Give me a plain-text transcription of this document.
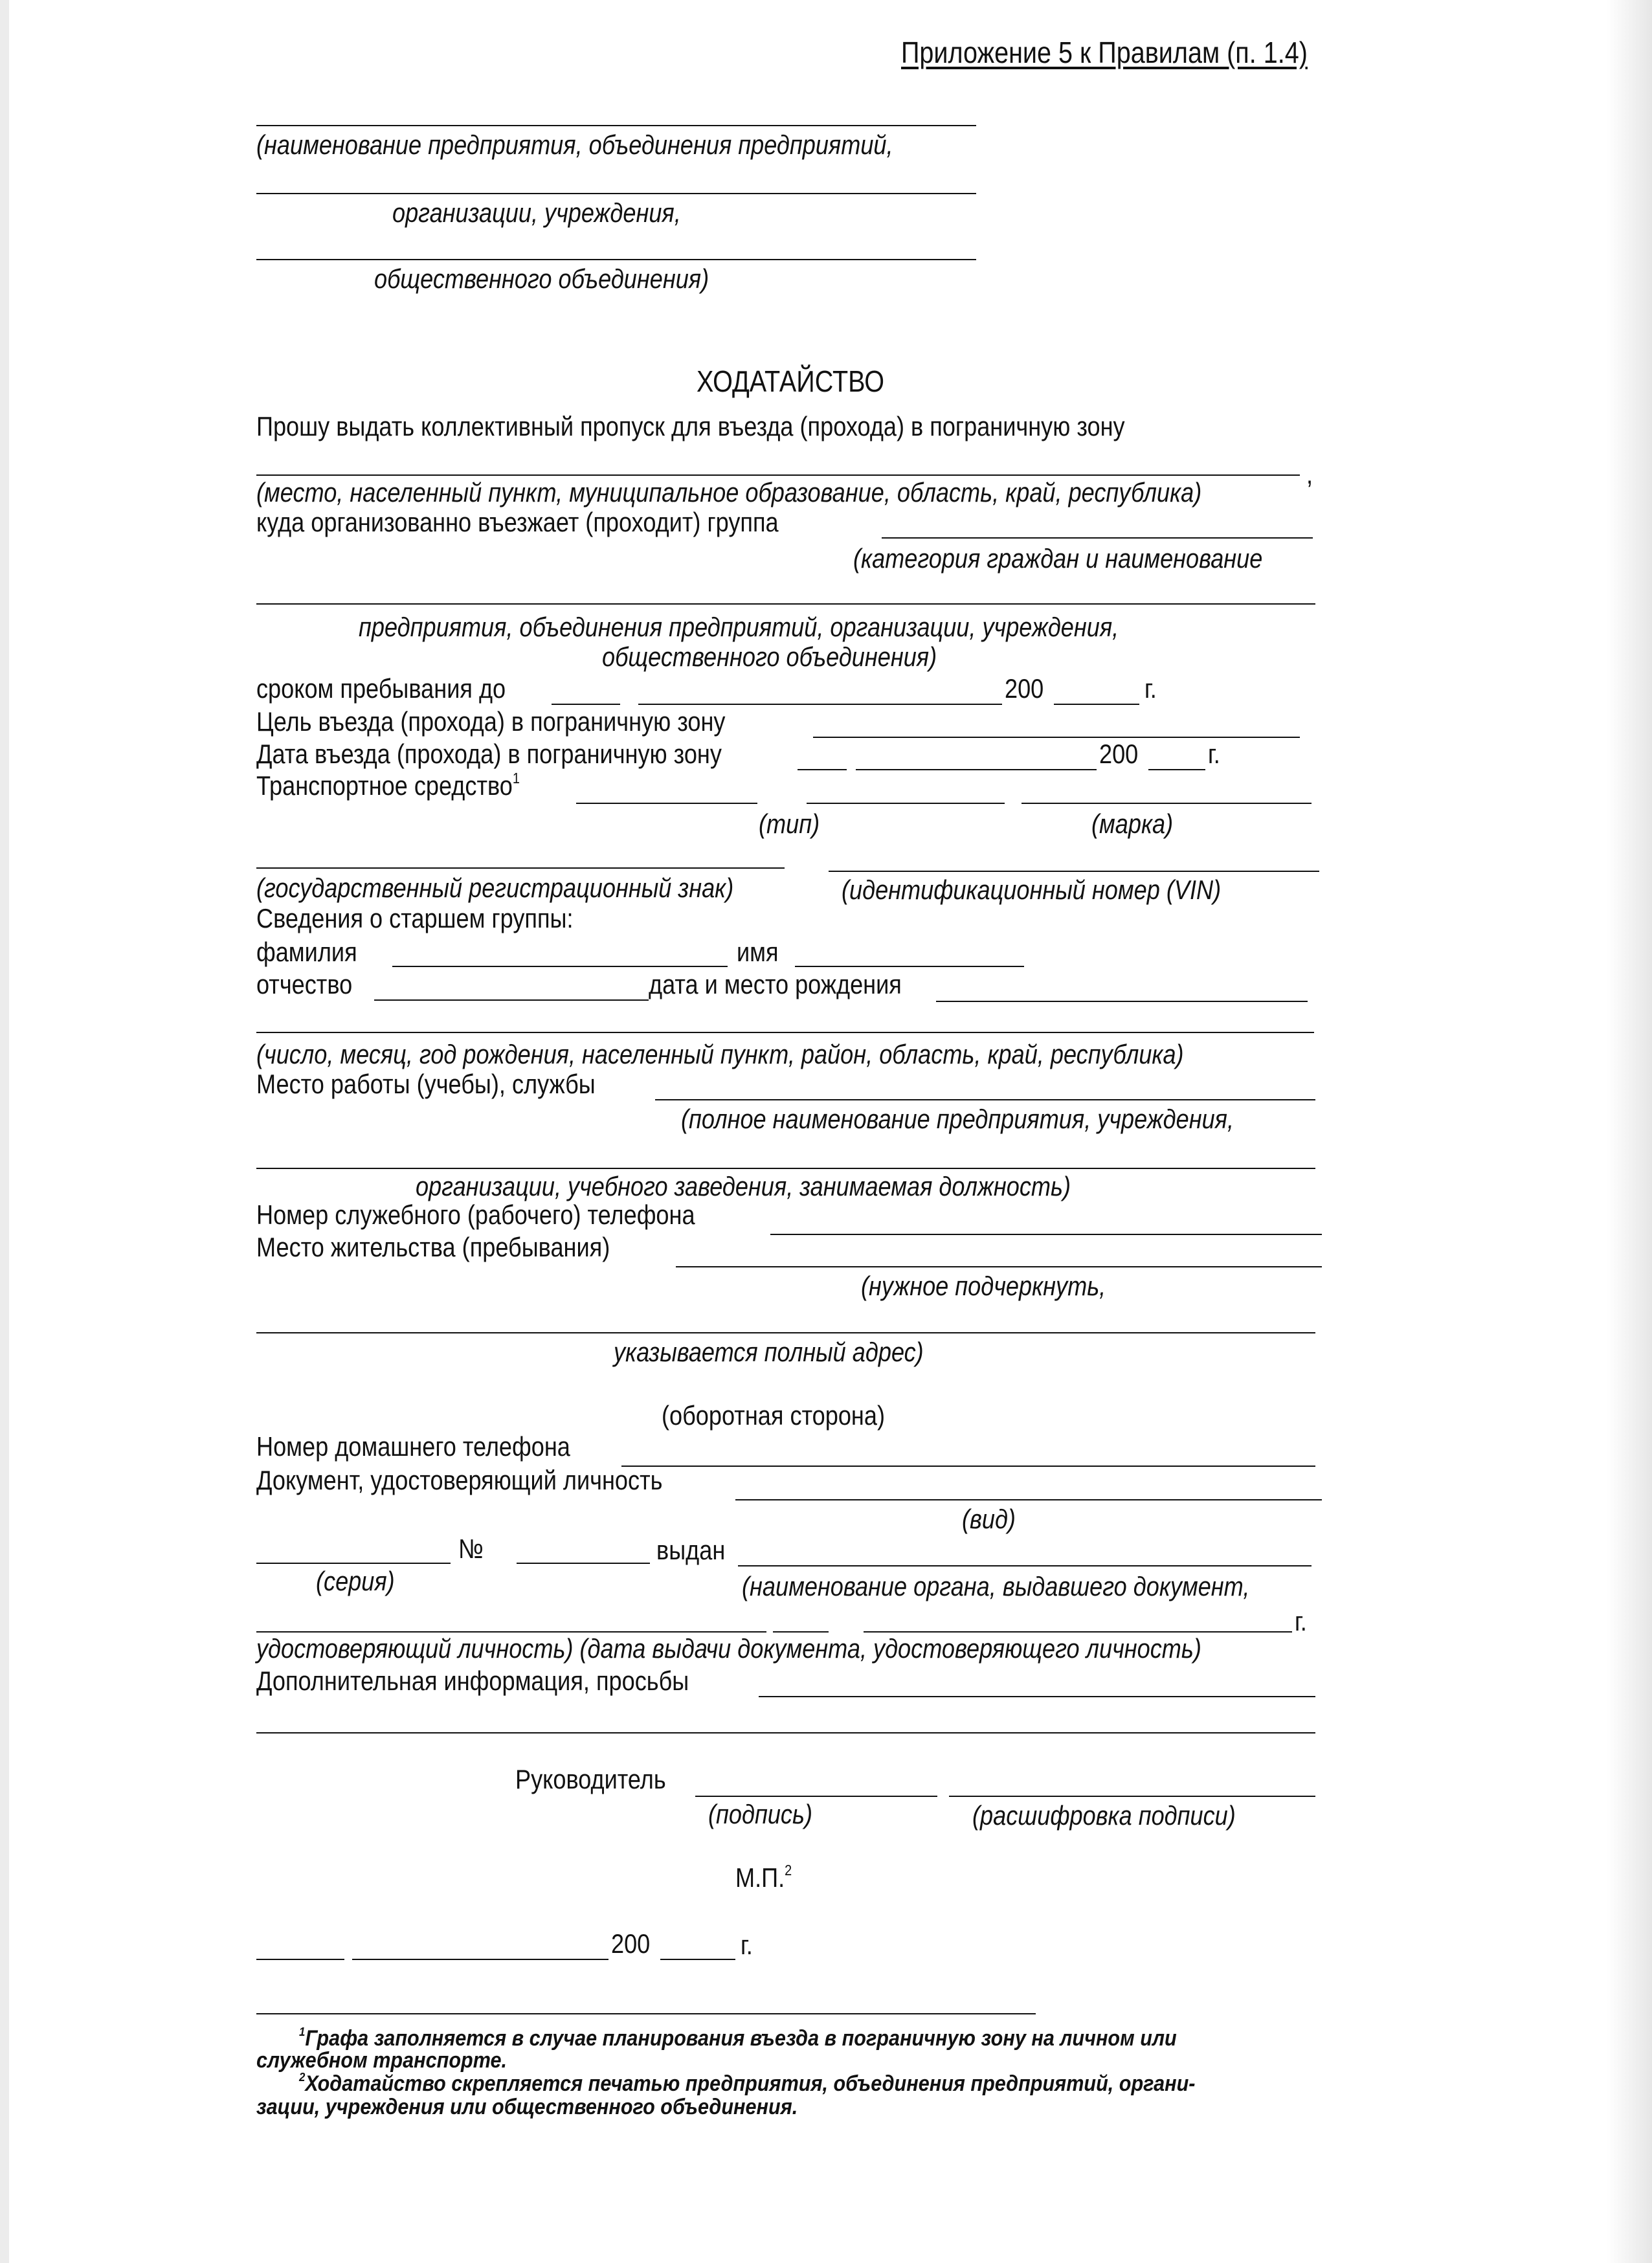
Приложение 5 к Правилам (п. 1.4)
(наименование предприятия, объединения предприятий,
организации, учреждения,
общественного объединения)
ХОДАТАЙСТВО
Прошу выдать коллективный пропуск для въезда (прохода) в пограничную зону
,
(место, населенный пункт, муниципальное образование, область, край, республика)
куда организованно въезжает (проходит) группа
(категория граждан и наименование
предприятия, объединения предприятий, организации, учреждения,
общественного объединения)
сроком пребывания до	200	г.
Цель въезда (прохода) в пограничную зону
Дата въезда (прохода) в пограничную зону	200	г.
Транспортное средство$^1$
(тип)	(марка)
(государственный регистрационный знак)	(идентификационный номер (VIN)
Сведения о старшем группы:
фамилия	имя
отчество	дата и место рождения
(число, месяц, год рождения, населенный пункт, район, область, край, республика)
Место работы (учебы), службы
(полное наименование предприятия, учреждения,
организации, учебного заведения, занимаемая должность)
Номер служебного (рабочего) телефона
Место жительства (пребывания)
(нужное подчеркнуть,
указывается полный адрес)
(оборотная сторона)
Номер домашнего телефона
Документ, удостоверяющий личность
(вид)
№	выдан
(серия)	(наименование органа, выдавшего документ,
г.
удостоверяющий личность) (дата выдачи документа, удостоверяющего личность)
Дополнительная информация, просьбы
Руководитель
(подпись)	(расшифровка подписи)
М.П.$^2$
200	г.
$^1$Графа заполняется в случае планирования въезда в пограничную зону на личном или
служебном транспорте.
$^2$Ходатайство скрепляется печатью предприятия, объединения предприятий, органи-
зации, учреждения или общественного объединения.
